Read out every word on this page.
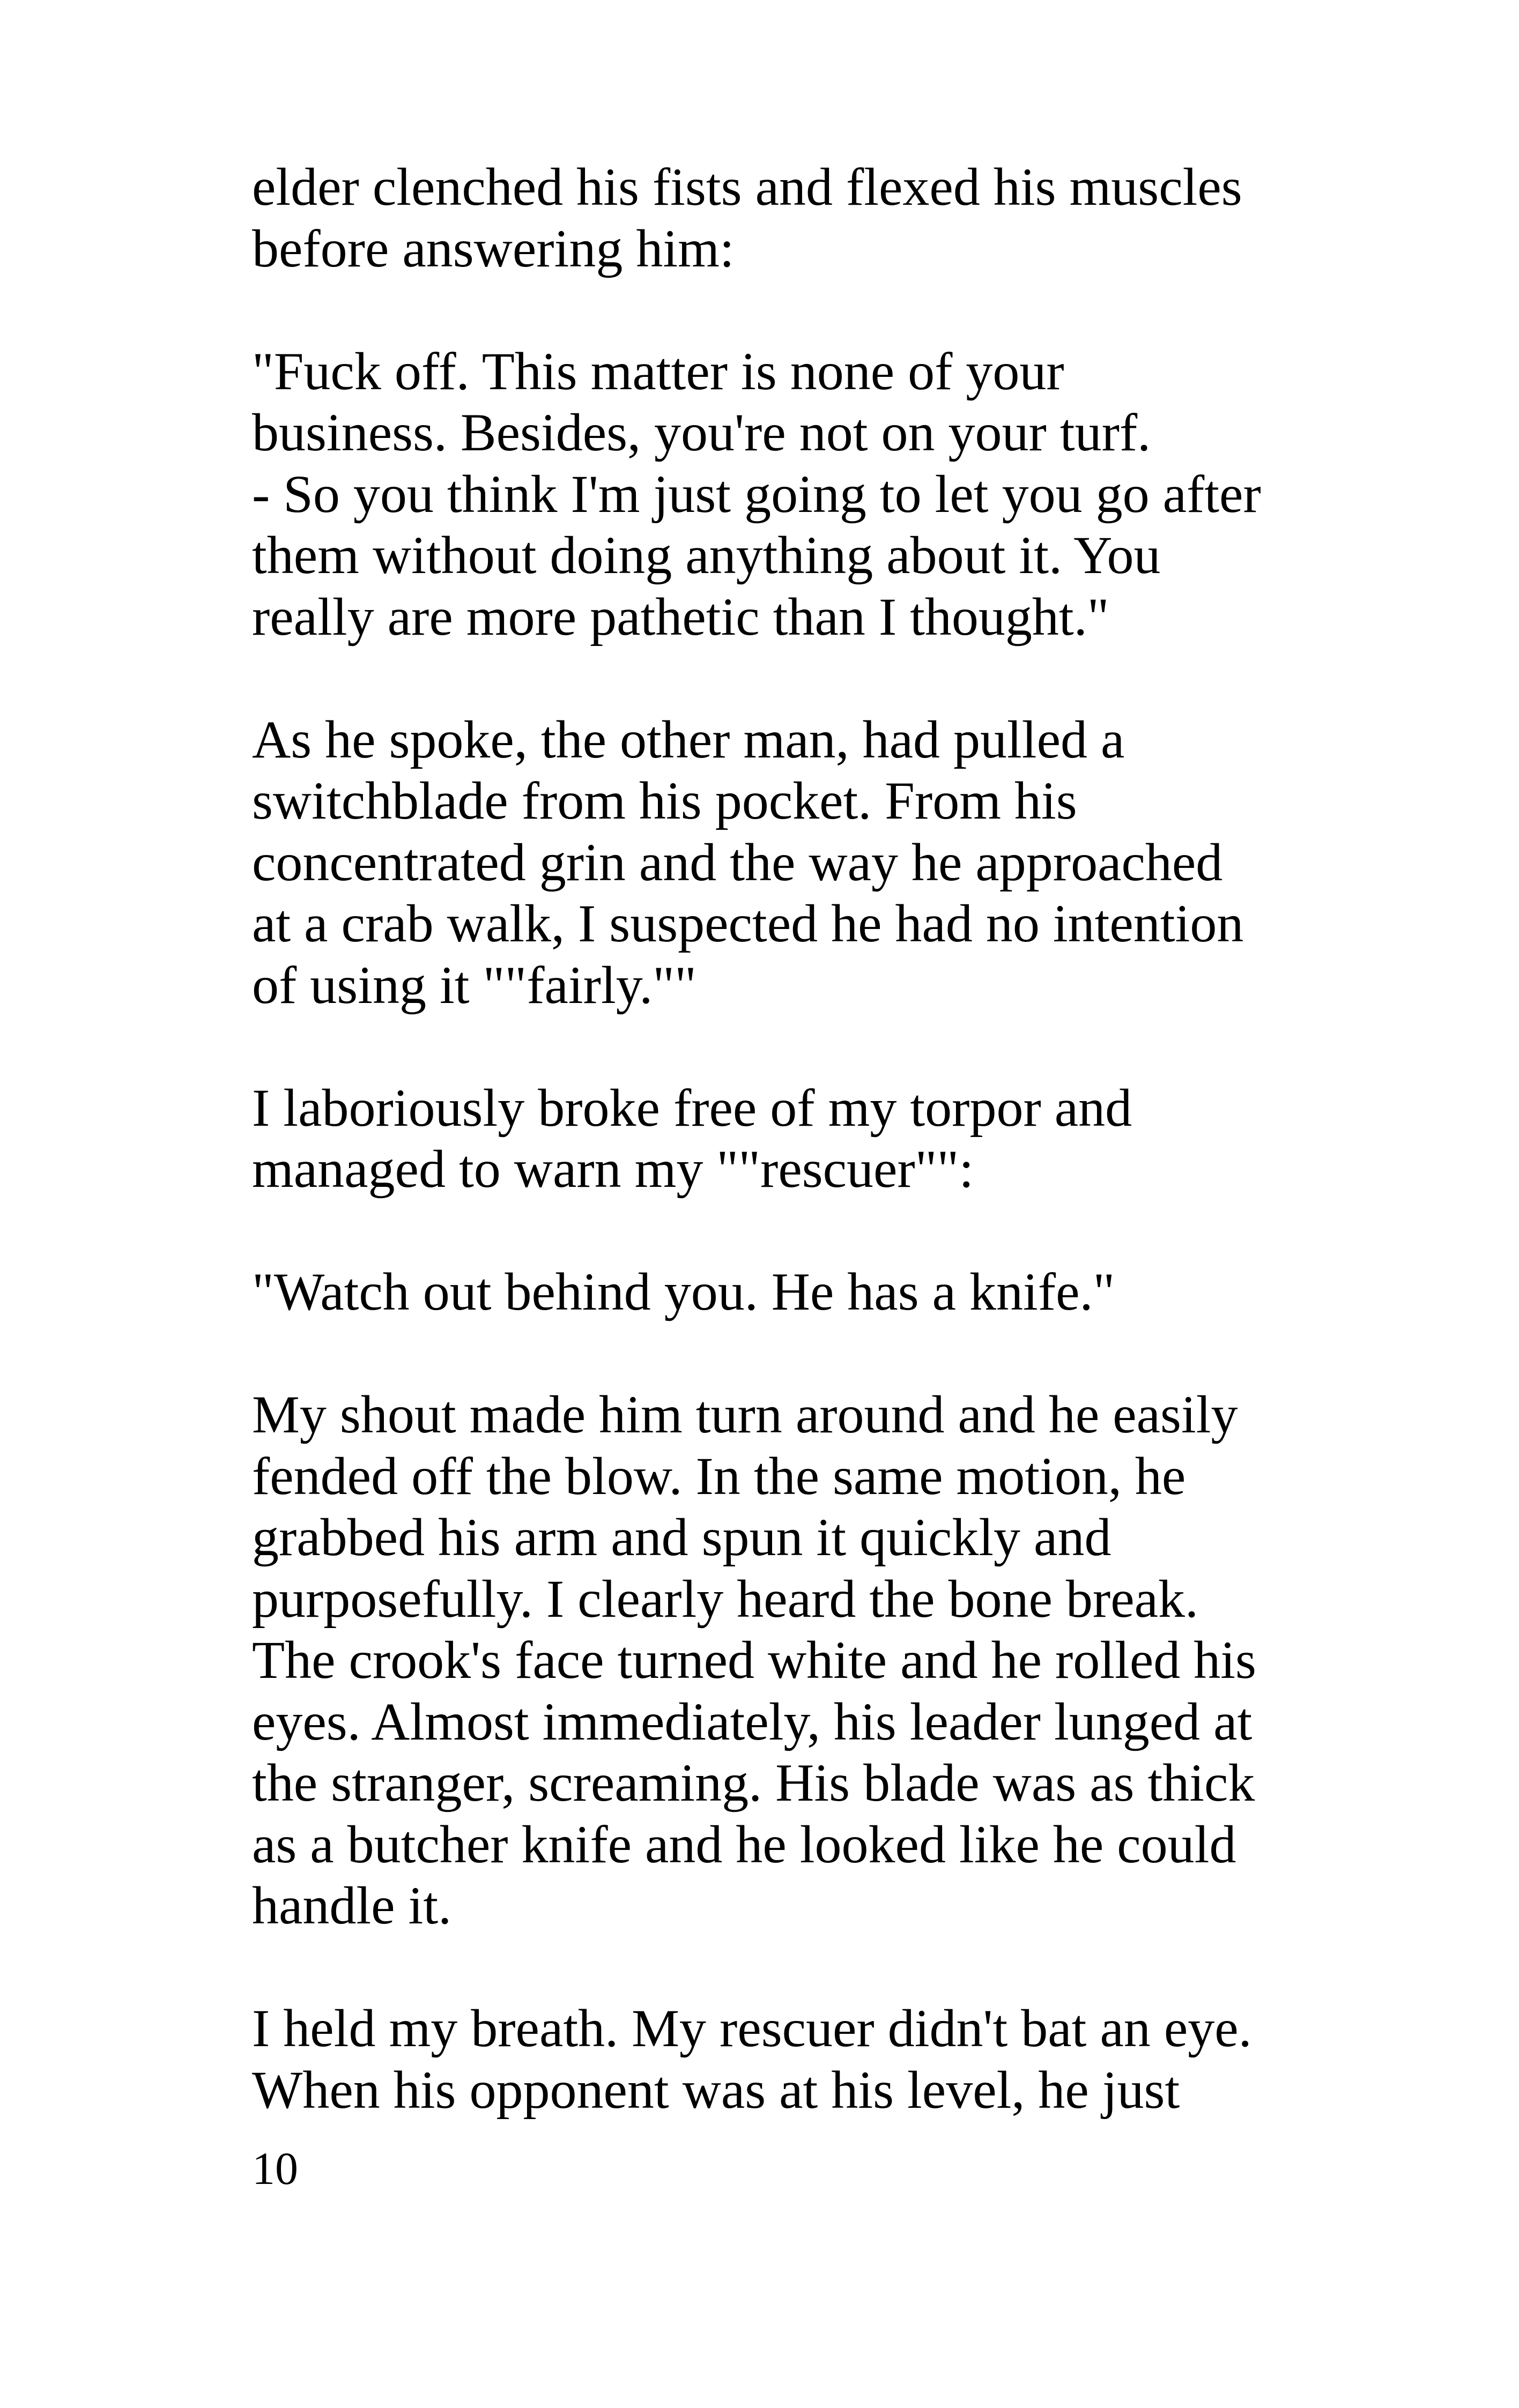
elder clenched his fists and flexed his muscles
before answering him:

"Fuck off. This matter is none of your
business. Besides, you're not on your turf.
- So you think I'm just going to let you go after
them without doing anything about it. You
really are more pathetic than I thought."

As he spoke, the other man, had pulled a
switchblade from his pocket. From his
concentrated grin and the way he approached
at a crab walk, I suspected he had no intention
of using it ""fairly.""

I laboriously broke free of my torpor and
managed to warn my ""rescuer"":

"Watch out behind you. He has a knife."

My shout made him turn around and he easily
fended off the blow. In the same motion, he
grabbed his arm and spun it quickly and
purposefully. I clearly heard the bone break.
The crook's face turned white and he rolled his
eyes. Almost immediately, his leader lunged at
the stranger, screaming. His blade was as thick
as a butcher knife and he looked like he could
handle it.

I held my breath. My rescuer didn't bat an eye.
When his opponent was at his level, he just

10
